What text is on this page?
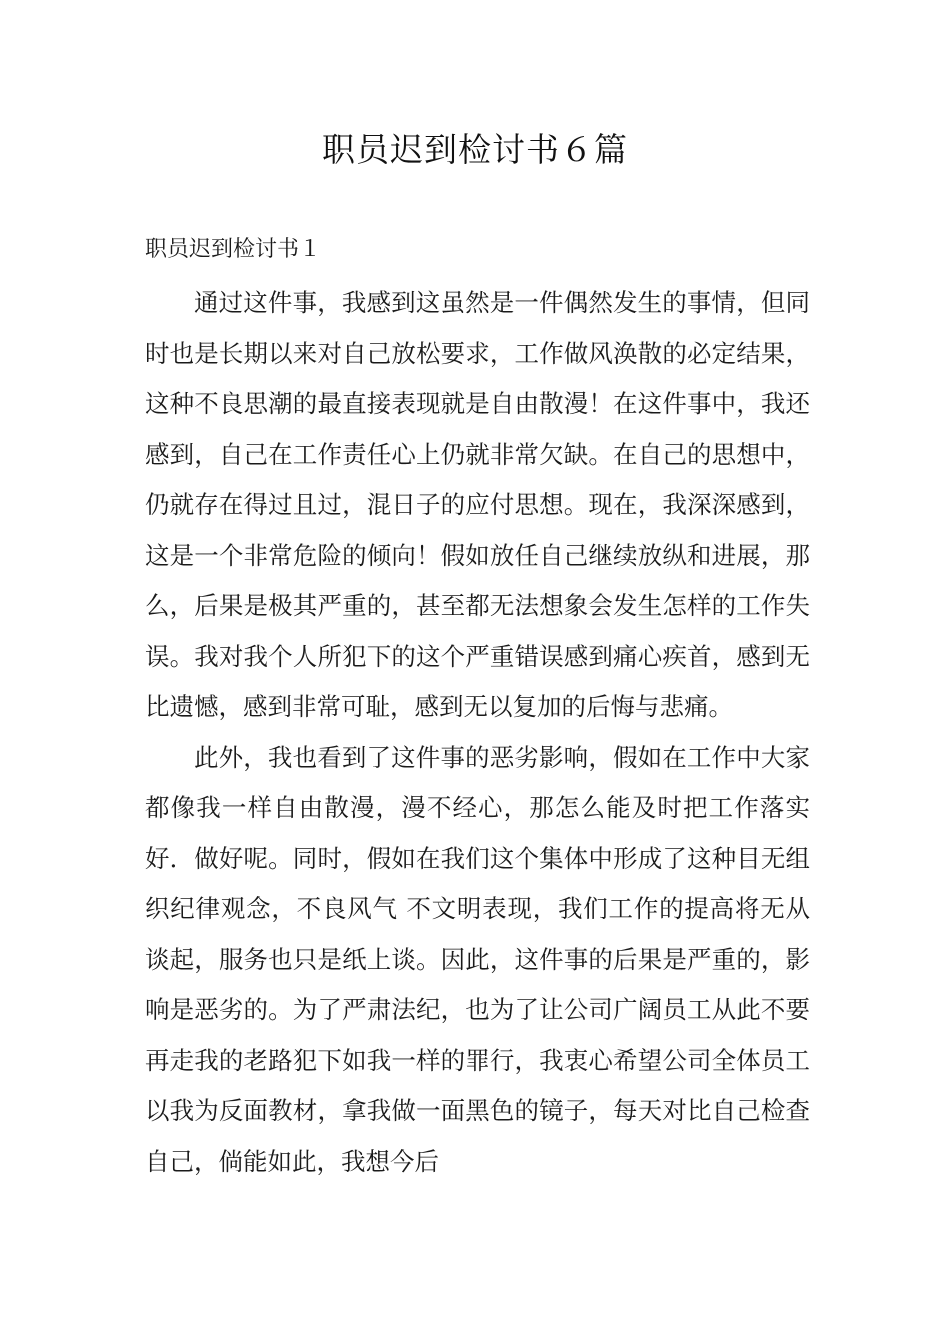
职员迟到检讨书６篇
职员迟到检讨书１

通过这件事，我感到这虽然是一件偶然发生的事情，但同时也是长期以来对自己放松要求，工作做风涣散的必定结果，这种不良思潮的最直接表现就是自由散漫！在这件事中，我还感到，自己在工作责任心上仍就非常欠缺。在自己的思想中，仍就存在得过且过，混日子的应付思想。现在，我深深感到，这是一个非常危险的倾向！假如放任自己继续放纵和进展，那么，后果是极其严重的，甚至都无法想象会发生怎样的工作失误。我对我个人所犯下的这个严重错误感到痛心疾首，感到无比遗憾，感到非常可耻，感到无以复加的后悔与悲痛。

此外，我也看到了这件事的恶劣影响，假如在工作中大家都像我一样自由散漫，漫不经心，那怎么能及时把工作落实好．做好呢。同时，假如在我们这个集体中形成了这种目无组织纪律观念，不良风气 不文明表现，我们工作的提高将无从谈起，服务也只是纸上谈。因此，这件事的后果是严重的，影响是恶劣的。为了严肃法纪，也为了让公司广阔员工从此不要再走我的老路犯下如我一样的罪行，我衷心希望公司全体员工以我为反面教材，拿我做一面黑色的镜子，每天对比自己检查自己，倘能如此，我想今后
